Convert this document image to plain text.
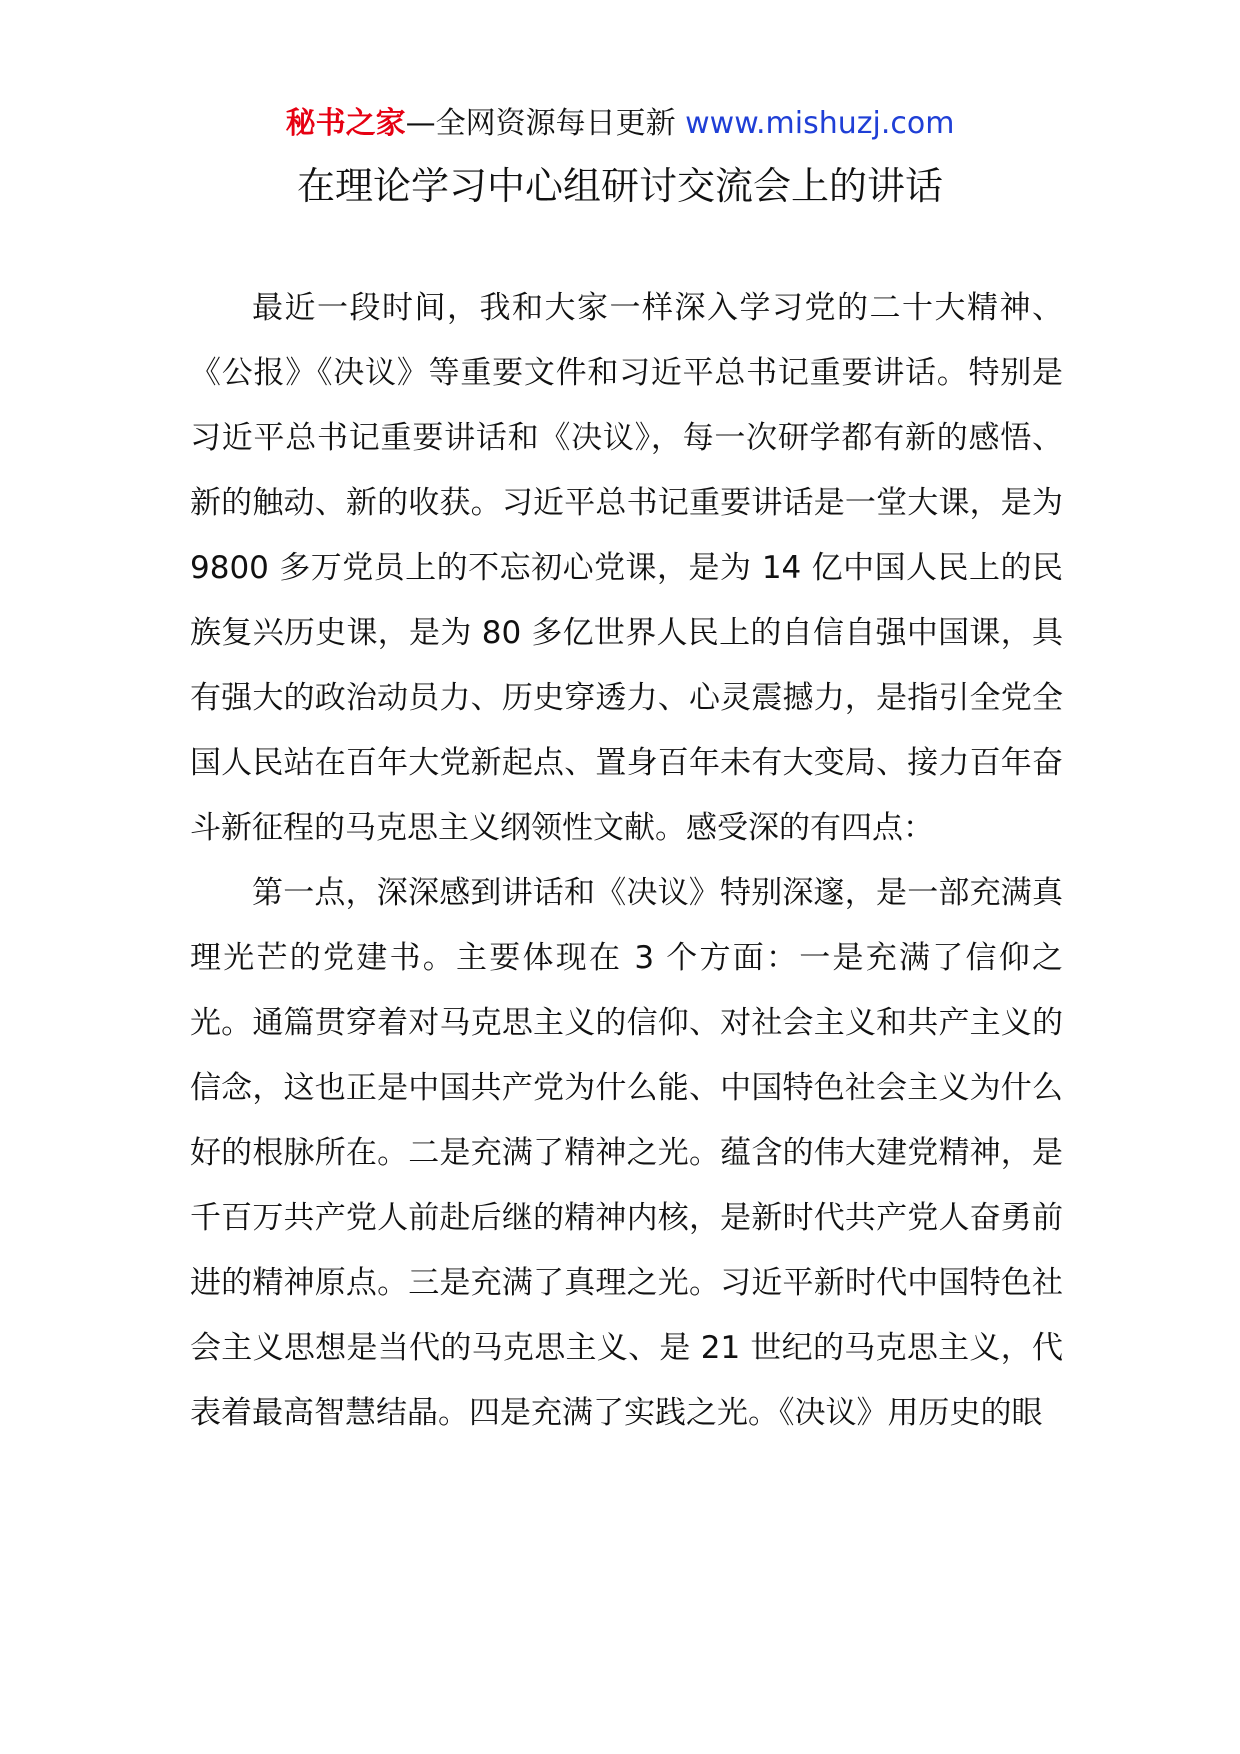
秘书之家—全网资源每日更新 www.mishuzj.com
在理论学习中心组研讨交流会上的讲话

最近一段时间，我和大家一样深入学习党的二十大精神、《公报》《决议》等重要文件和习近平总书记重要讲话。特别是习近平总书记重要讲话和《决议》，每一次研学都有新的感悟、新的触动、新的收获。习近平总书记重要讲话是一堂大课，是为 9800 多万党员上的不忘初心党课，是为 14 亿中国人民上的民族复兴历史课，是为 80 多亿世界人民上的自信自强中国课，具有强大的政治动员力、历史穿透力、心灵震撼力，是指引全党全国人民站在百年大党新起点、置身百年未有大变局、接力百年奋斗新征程的马克思主义纲领性文献。感受深的有四点：

第一点，深深感到讲话和《决议》特别深邃，是一部充满真理光芒的党建书。主要体现在 3 个方面：一是充满了信仰之光。通篇贯穿着对马克思主义的信仰、对社会主义和共产主义的信念，这也正是中国共产党为什么能、中国特色社会主义为什么好的根脉所在。二是充满了精神之光。蕴含的伟大建党精神，是千百万共产党人前赴后继的精神内核，是新时代共产党人奋勇前进的精神原点。三是充满了真理之光。习近平新时代中国特色社会主义思想是当代的马克思主义、是 21 世纪的马克思主义，代表着最高智慧结晶。四是充满了实践之光。《决议》用历史的眼
